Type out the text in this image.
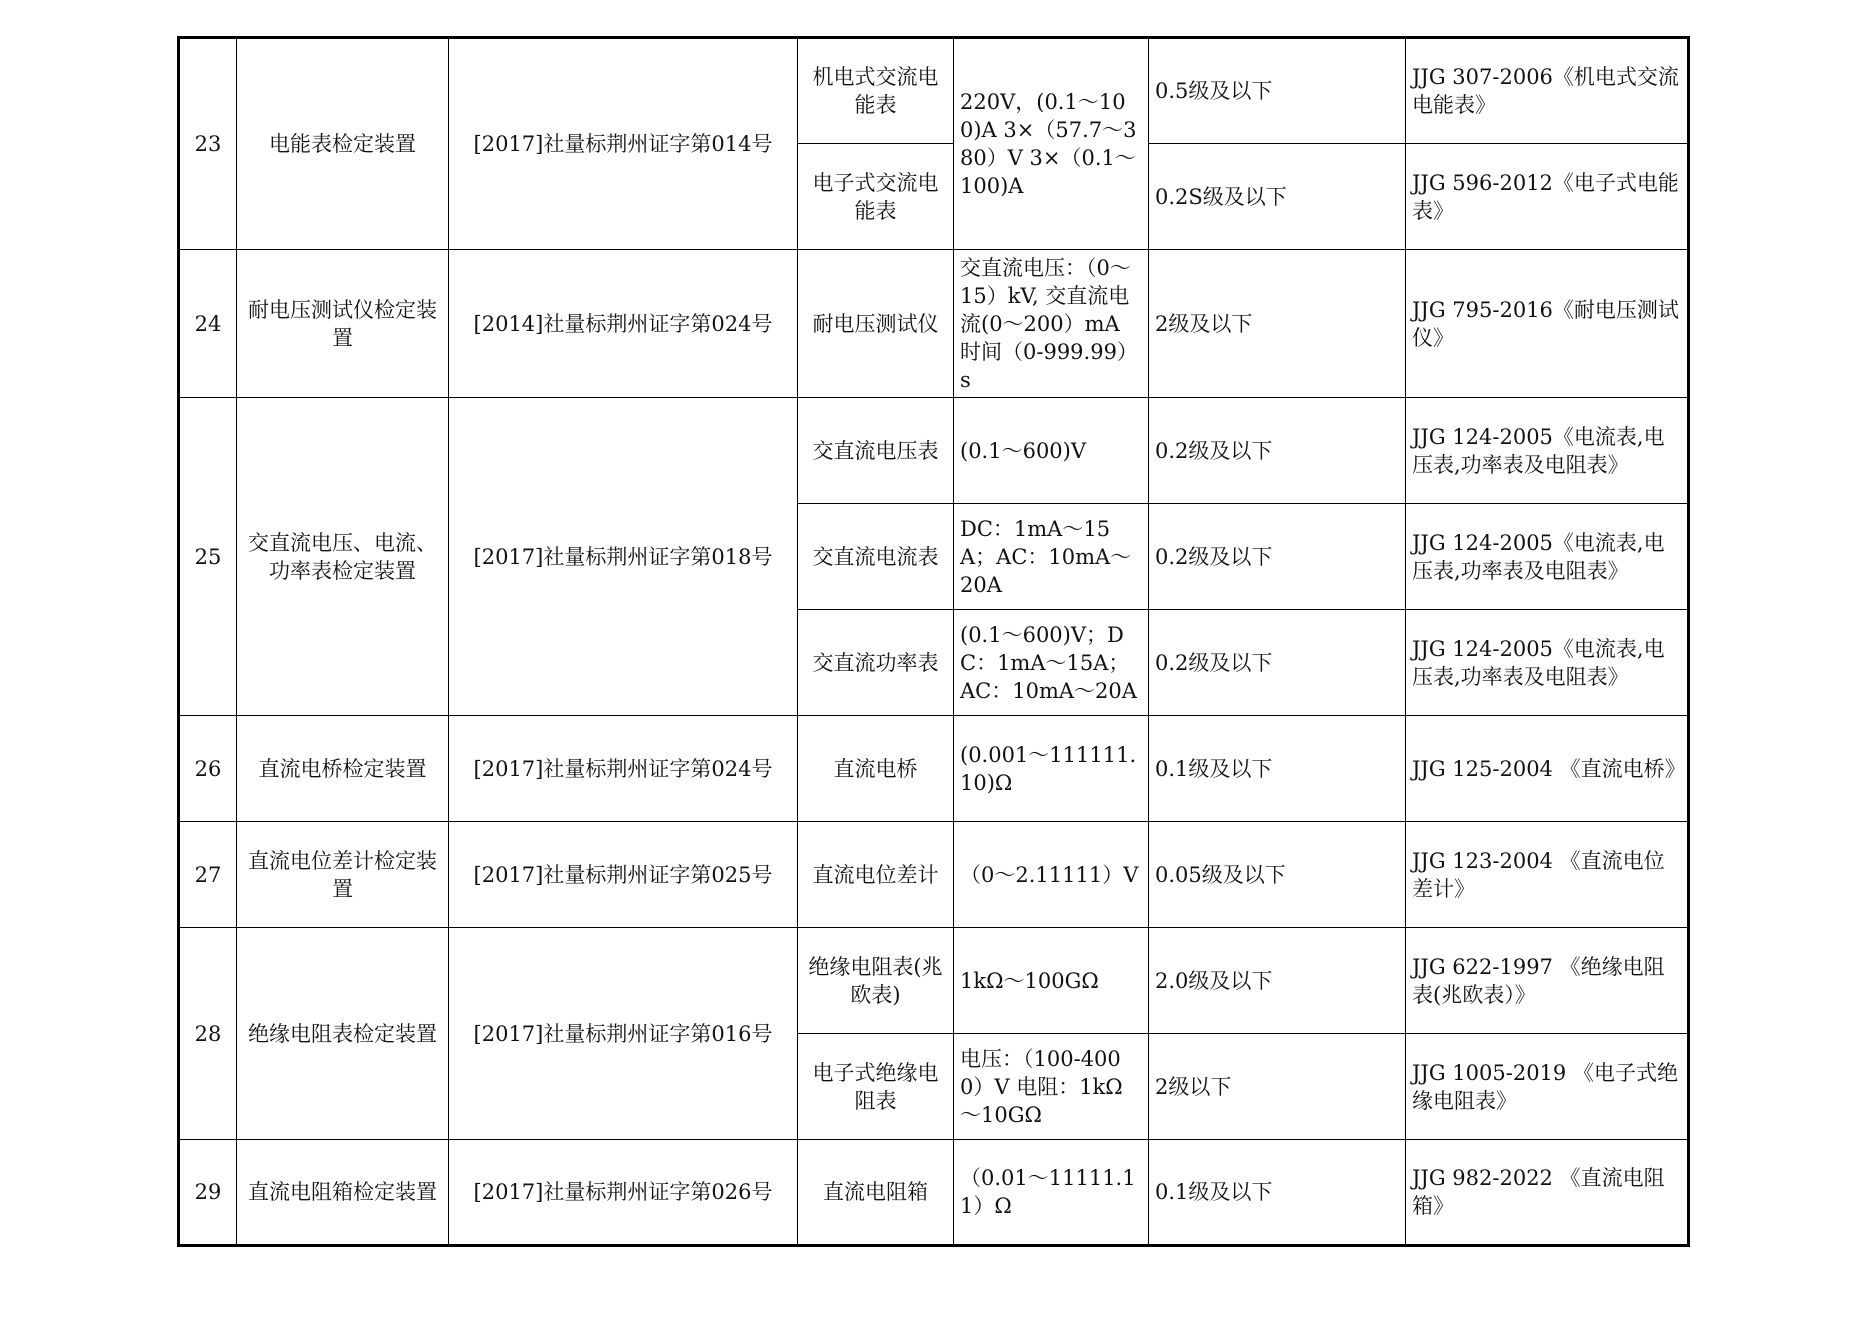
23	电能表检定装置	[2017]社量标荆州证字第014号	机电式交流电能表	220V，(0.1～100)A 3×（57.7～380）V 3×（0.1～100)A	0.5级及以下	JJG 307-2006《机电式交流电能表》
			电子式交流电能表		0.2S级及以下	JJG 596-2012《电子式电能表》
24	耐电压测试仪检定装置	[2014]社量标荆州证字第024号	耐电压测试仪	交直流电压：（0～15）kV, 交直流电流(0～200）mA 时间（0-999.99）s	2级及以下	JJG 795-2016《耐电压测试仪》
25	交直流电压、电流、功率表检定装置	[2017]社量标荆州证字第018号	交直流电压表	(0.1～600)V	0.2级及以下	JJG 124-2005《电流表,电压表,功率表及电阻表》
			交直流电流表	DC：1mA～15A；AC：10mA～20A	0.2级及以下	JJG 124-2005《电流表,电压表,功率表及电阻表》
			交直流功率表	(0.1～600)V；DC：1mA～15A；AC：10mA～20A	0.2级及以下	JJG 124-2005《电流表,电压表,功率表及电阻表》
26	直流电桥检定装置	[2017]社量标荆州证字第024号	直流电桥	(0.001～111111.10)Ω	0.1级及以下	JJG 125-2004 《直流电桥》
27	直流电位差计检定装置	[2017]社量标荆州证字第025号	直流电位差计	（0～2.11111）V	0.05级及以下	JJG 123-2004 《直流电位差计》
28	绝缘电阻表检定装置	[2017]社量标荆州证字第016号	绝缘电阻表(兆欧表)	1kΩ～100GΩ	2.0级及以下	JJG 622-1997 《绝缘电阻表(兆欧表）》
			电子式绝缘电阻表	电压：（100-4000）V 电阻：1kΩ～10GΩ	2级以下	JJG 1005-2019 《电子式绝缘电阻表》
29	直流电阻箱检定装置	[2017]社量标荆州证字第026号	直流电阻箱	（0.01～11111.11）Ω	0.1级及以下	JJG 982-2022 《直流电阻箱》
